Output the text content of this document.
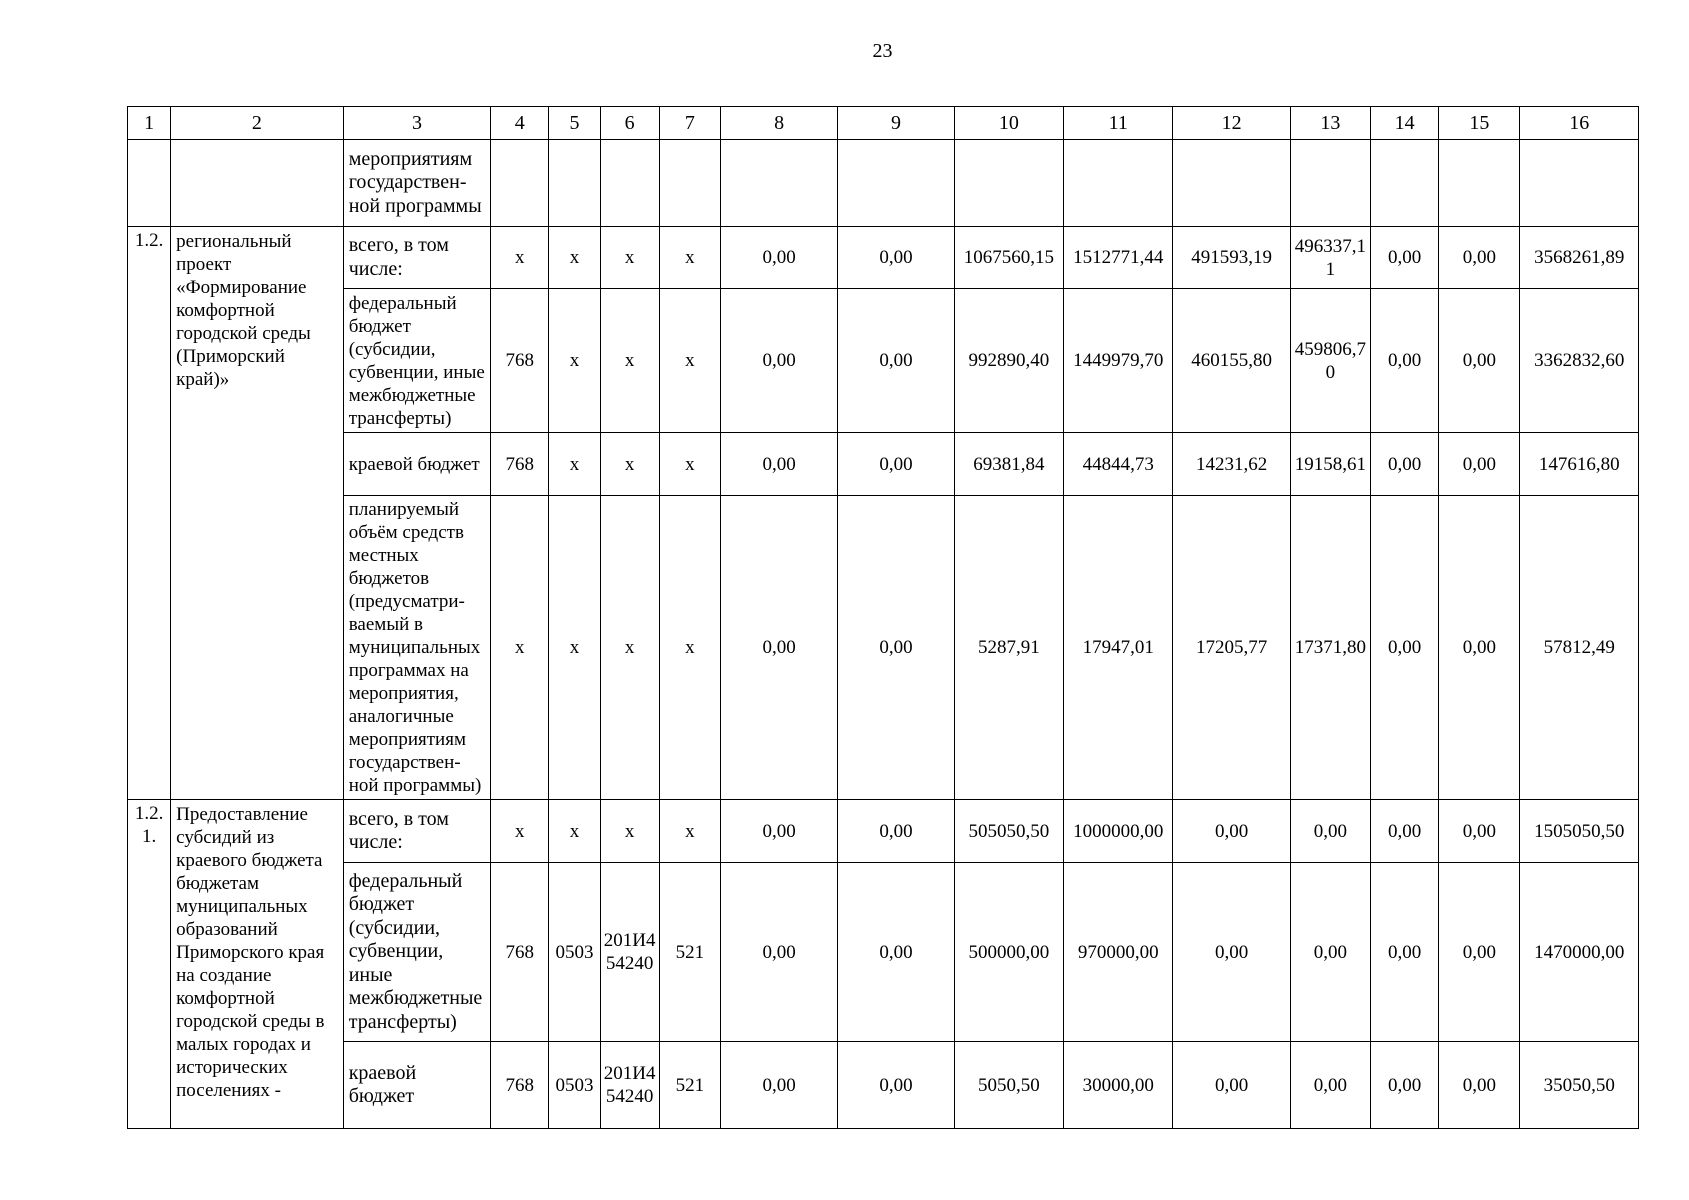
23
1	2	3	4	5	6	7	8	9	10	11	12	13	14	15	16
		мероприятиям государствен-ной программы													
1.2.	региональный проект «Формирование комфортной городской среды (Приморский край)»	всего, в том числе:	x	x	x	x	0,00	0,00	1067560,15	1512771,44	491593,19	496337,11	0,00	0,00	3568261,89
		федеральный бюджет (субсидии, субвенции, иные межбюджетные трансферты)	768	x	x	x	0,00	0,00	992890,40	1449979,70	460155,80	459806,70	0,00	0,00	3362832,60
		краевой бюджет	768	x	x	x	0,00	0,00	69381,84	44844,73	14231,62	19158,61	0,00	0,00	147616,80
		планируемый объём средств местных бюджетов (предусматри-ваемый в муниципальных программах на мероприятия, аналогичные мероприятиям государствен-ной программы)	x	x	x	x	0,00	0,00	5287,91	17947,01	17205,77	17371,80	0,00	0,00	57812,49
1.2.1.	Предоставление субсидий из краевого бюджета бюджетам муниципальных образований Приморского края на создание комфортной городской среды в малых городах и исторических поселениях -	всего, в том числе:	x	x	x	x	0,00	0,00	505050,50	1000000,00	0,00	0,00	0,00	0,00	1505050,50
		федеральный бюджет (субсидии, субвенции, иные межбюджетные трансферты)	768	0503	201И454240	521	0,00	0,00	500000,00	970000,00	0,00	0,00	0,00	0,00	1470000,00
		краевой бюджет	768	0503	201И454240	521	0,00	0,00	5050,50	30000,00	0,00	0,00	0,00	0,00	35050,50
